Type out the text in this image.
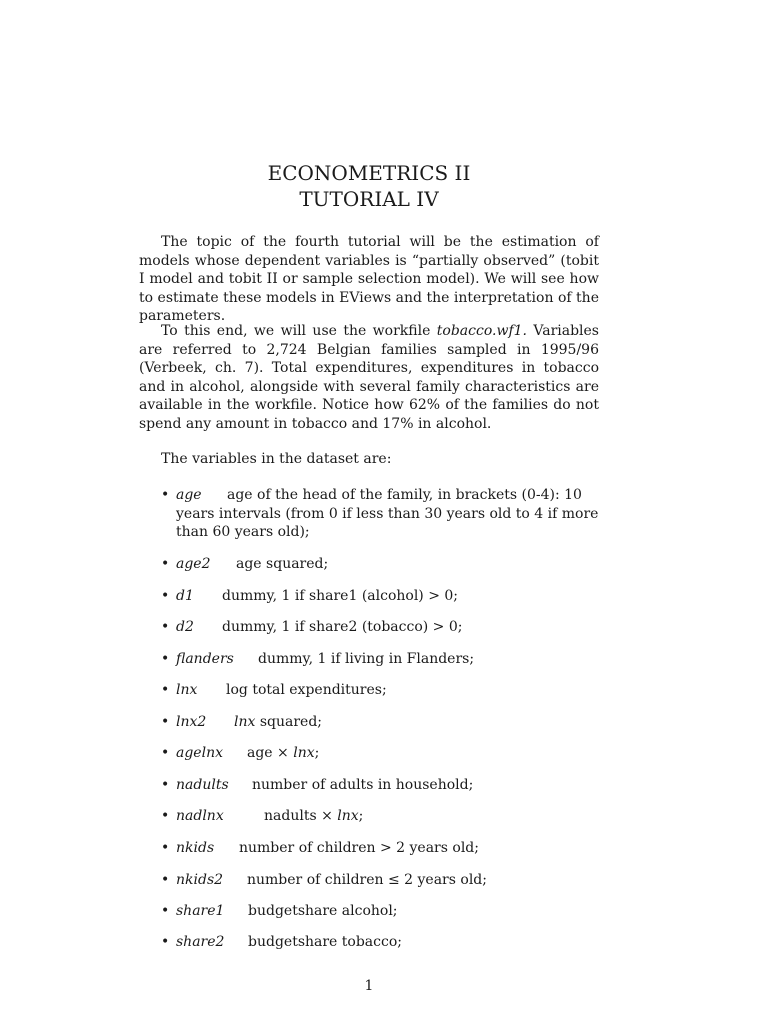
ECONOMETRICS II
TUTORIAL IV

The topic of the fourth tutorial will be the estimation of models whose dependent variables is “partially observed” (tobit I model and tobit II or sample selection model). We will see how to estimate these models in EViews and the interpretation of the parameters.

To this end, we will use the workfile tobacco.wf1. Variables are referred to 2,724 Belgian families sampled in 1995/96 (Verbeek, ch. 7). Total expenditures, expenditures in tobacco and in alcohol, alongside with several family characteristics are available in the workfile. Notice how 62% of the families do not spend any amount in tobacco and 17% in alcohol.

The variables in the dataset are:

• age age of the head of the family, in brackets (0-4): 10 years intervals (from 0 if less than 30 years old to 4 if more than 60 years old);
• age2 age squared;
• d1 dummy, 1 if share1 (alcohol) > 0;
• d2 dummy, 1 if share2 (tobacco) > 0;
• flanders dummy, 1 if living in Flanders;
• lnx log total expenditures;
• lnx2 lnx squared;
• agelnx age × lnx;
• nadults number of adults in household;
• nadlnx	nadults × lnx;
• nkids number of children > 2 years old;
• nkids2 number of children ≤ 2 years old;
• share1 budgetshare alcohol;
• share2 budgetshare tobacco;
1
